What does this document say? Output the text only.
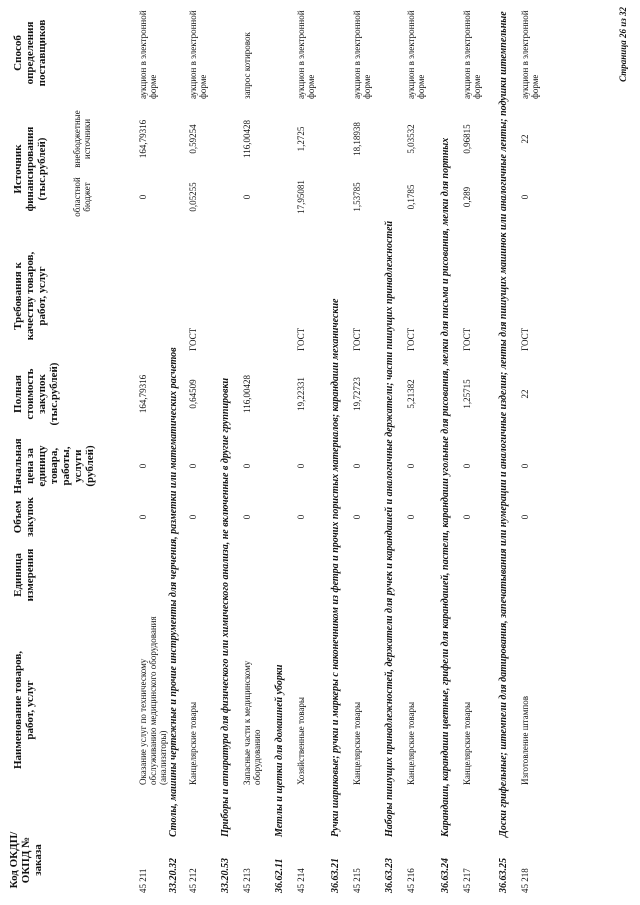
Код ОКДП/ ОКПД № заказа
Наименование товаров, работ, услуг
Единица измерения
Объем закупок
Начальная цена за единицу товара, работы, услуги (рублей)
Полная стоимость закупок (тыс.рублей)
Требования к качеству товаров, работ, услуг
Источник финансирования (тыс.рублей)	областной бюджет
внебюджетные источники
Способ определения поставщиков
45 211
Оказание услуг по техническому обслуживанию медицинского оборудования (анализаторы)
0
0
164,79316
0
164,79316
аукцион в электронной форме
33.20.32
Столы, машины чертежные и прочие инструменты для черчения, разметки или математических расчетов
45 212
Канцелярские товары
0
0
0,64509
ГОСТ
0,05255
0,59254
аукцион в электронной форме
33.20.53
Приборы и аппаратура для физического или химического анализа, не включенные в другие группировки
45 213
Запасные части к медицинскому оборудованию
0
0
116,00428
0
116,00428
запрос котировок
36.62.11
Метлы и щетки для домашней уборки
45 214
Хозяйственные товары
0
0
19,22331
ГОСТ
17,95081
1,2725
аукцион в электронной форме
36.63.21
Ручки шариковые; ручки и маркеры с наконечником из фетра и прочих пористых материалов; карандаши механические
45 215
Канцелярские товары
0
0
19,72723
ГОСТ
1,53785
18,18938
аукцион в электронной форме
36.63.23
Наборы пишущих принадлежностей, держатели для ручек и карандашей и аналогичные держатели; части пишущих принадлежностей
45 216
Канцелярские товары
0
0
5,21382
ГОСТ
0,1785
5,03532
аукцион в электронной форме
36.63.24
Карандаши, карандаши цветные, грифели для карандашей, пастели, карандаши угольные для рисования, мелки для письма и рисования, мелки для портных
45 217
Канцелярские товары
0
0
1,25715
ГОСТ
0,289
0,96815
аукцион в электронной форме
36.63.25
Доски грифельные; штемпели для датирования, запечатывания или нумерации и аналогичные изделия; ленты для пишущих машинок или аналогичные ленты; подушки штемпельные
45 218
Изготовление штампов
0
0
22
ГОСТ
0
22
аукцион в электронной форме
Страница 26 из 32
